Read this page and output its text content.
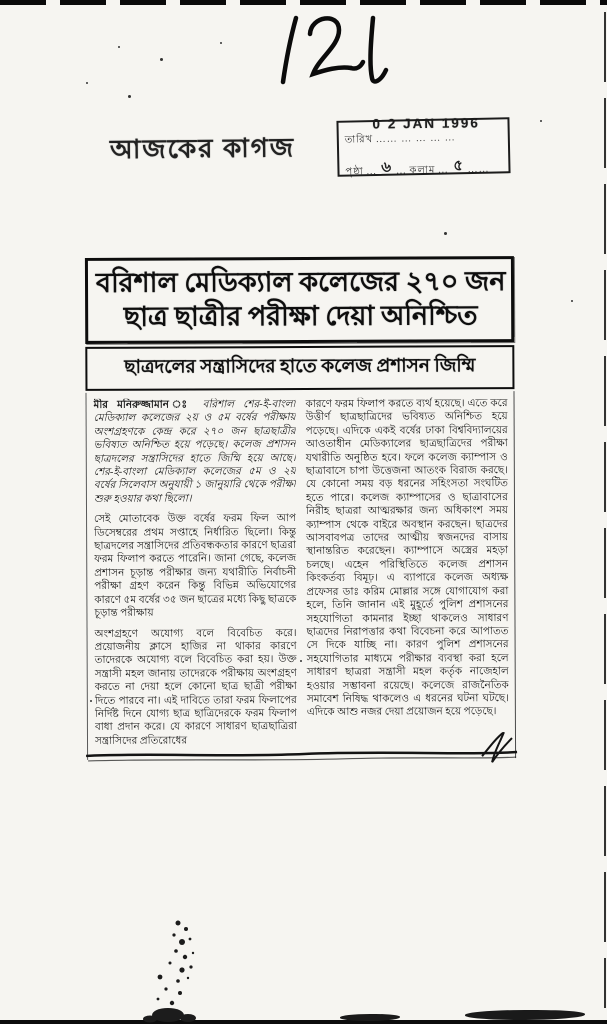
আজকের কাগজ	তারিখ …… … … … …
0 2 JAN 1996
পৃষ্ঠা … ৬ … কলাম … ৫ ……
বরিশাল মেডিক্যাল কলেজের ২৭০ জন
ছাত্র ছাত্রীর পরীক্ষা দেয়া অনিশ্চিত
ছাত্রদলের সন্ত্রাসিদের হাতে কলেজ প্রশাসন জিম্মি

মীর মনিরুজ্জামান ঃ বরিশাল শের-ই-বাংলা মেডিক্যাল কলেজের ২য় ও ৫ম বর্ষের পরীক্ষায় অংশগ্রহণকে কেন্দ্র করে ২৭০ জন ছাত্রছাত্রীর ভবিষ্যত অনিশ্চিত হয়ে পড়েছে। কলেজ প্রশাসন ছাত্রদলের সন্ত্রাসিদের হাতে জিম্মি হয়ে আছে। শের-ই-বাংলা মেডিক্যাল কলেজের ৫ম ও ২য় বর্ষের সিলেবাস অনুযায়ী ১ জানুয়ারি থেকে পরীক্ষা শুরু হওয়ার কথা ছিলো।

সেই মোতাবেক উক্ত বর্ষের ফরম ফিল আপ ডিসেম্বরের প্রথম সপ্তাহে নির্ধারিত ছিলো। কিন্তু ছাত্রদলের সন্ত্রাসিদের প্রতিবন্ধকতার কারণে ছাত্ররা ফরম ফিলাপ করতে পারেনি। জানা গেছে, কলেজ প্রশাসন চূড়ান্ত পরীক্ষার জন্য যথারীতি নির্বাচনী পরীক্ষা গ্রহণ করেন কিন্তু বিভিন্ন অভিযোগের কারণে ৫ম বর্ষের ৩৫ জন ছাত্রের মধ্যে কিছু ছাত্রকে চূড়ান্ত পরীক্ষায়

অংশগ্রহণে অযোগ্য বলে বিবেচিত করে। প্রয়োজনীয় ক্লাসে হাজির না থাকার কারণে তাদেরকে অযোগ্য বলে বিবেচিত করা হয়। উক্ত সন্ত্রাসী মহল জানায় তাদেরকে পরীক্ষায় অংশগ্রহণ করতে না দেয়া হলে কোনো ছাত্র ছাত্রী পরীক্ষা দিতে পারবে না। এই দাবিতে তারা ফরম ফিলাপের নির্দিষ্ট দিনে যোগ্য ছাত্র ছাত্রিদেরকে ফরম ফিলাপ বাধা প্রদান করে। যে কারণে সাধারণ ছাত্রছাত্রিরা সন্ত্রাসিদের প্রতিরোধের

কারণে ফরম ফিলাপ করতে ব্যর্থ হয়েছে। এতে করে উত্তীর্ণ ছাত্রছাত্রিদের ভবিষ্যত অনিশ্চিত হয়ে পড়েছে। এদিকে একই বর্ষের ঢাকা বিশ্ববিদ্যালয়ের আওতাধীন মেডিক্যালের ছাত্রছাত্রিদের পরীক্ষা যথারীতি অনুষ্ঠিত হবে। ফলে কলেজ ক্যাম্পাস ও ছাত্রাবাসে চাপা উত্তেজনা আতংক বিরাজ করছে। যে কোনো সময় বড় ধরনের সহিংসতা সংঘটিত হতে পারে। কলেজ ক্যাম্পাসের ও ছাত্রাবাসের নিরীহ ছাত্ররা আত্মরক্ষার জন্য অধিকাংশ সময় ক্যাম্পাস থেকে বাইরে অবস্থান করছেন। ছাত্রদের আসবাবপত্র তাদের আত্মীয় স্বজনদের বাসায় স্থানান্তরিত করেছেন। ক্যাম্পাসে অস্ত্রের মহড়া চলছে। এহেন পরিস্থিতিতে কলেজ প্রশাসন কিংকর্তব্য বিমূঢ়। এ ব্যাপারে কলেজ অধ্যক্ষ প্রফেসর ডাঃ করিম মোল্লার সঙ্গে যোগাযোগ করা হলে, তিনি জানান এই মুহূর্তে পুলিশ প্রশাসনের সহযোগিতা কামনার ইচ্ছা থাকলেও সাধারণ ছাত্রদের নিরাপত্তার কথা বিবেচনা করে আপাতত সে দিকে যাচ্ছি না। কারণ পুলিশ প্রশাসনের সহযোগিতার মাধ্যমে পরীক্ষার ব্যবস্থা করা হলে সাধারণ ছাত্ররা সন্ত্রাসী মহল কর্তৃক নাজেহাল হওয়ার সম্ভাবনা রয়েছে। কলেজে রাজনৈতিক সমাবেশ নিষিদ্ধ থাকলেও এ ধরনের ঘটনা ঘটছে। এদিকে আশু নজর দেয়া প্রয়োজন হয়ে পড়েছে।
